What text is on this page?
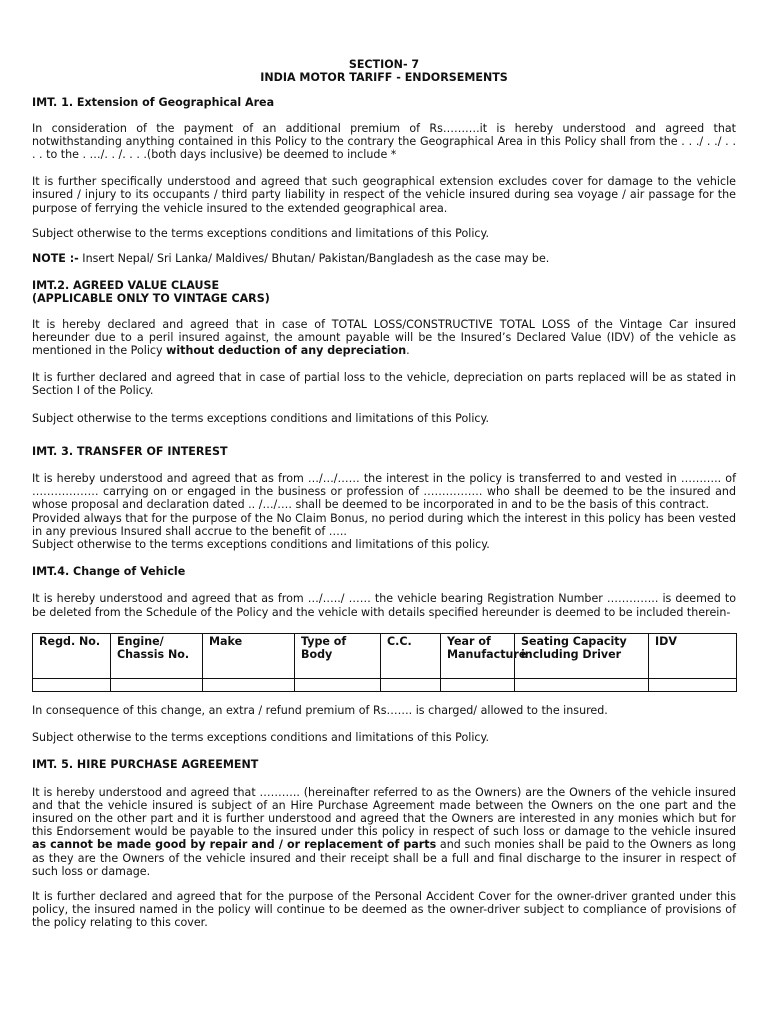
SECTION- 7

INDIA MOTOR TARIFF - ENDORSEMENTS

IMT. 1. Extension of Geographical Area

In consideration of the payment of an additional premium of Rs……….it is hereby understood and agreed that notwithstanding anything contained in this Policy to the contrary the Geographical Area in this Policy shall from the . . ./ . ./ . . . . to the . …/. . /. . . .(both days inclusive) be deemed to include *

It is further specifically understood and agreed that such geographical extension excludes cover for damage to the vehicle insured / injury to its occupants / third party liability in respect of the vehicle insured during sea voyage / air passage for the purpose of ferrying the vehicle insured to the extended geographical area.

Subject otherwise to the terms exceptions conditions and limitations of this Policy.

NOTE :- Insert Nepal/ Sri Lanka/ Maldives/ Bhutan/ Pakistan/Bangladesh as the case may be.

IMT.2. AGREED VALUE CLAUSE

(APPLICABLE ONLY TO VINTAGE CARS)

It is hereby declared and agreed that in case of TOTAL LOSS/CONSTRUCTIVE TOTAL LOSS of the Vintage Car insured hereunder due to a peril insured against, the amount payable will be the Insured’s Declared Value (IDV) of the vehicle as mentioned in the Policy without deduction of any depreciation.

It is further declared and agreed that in case of partial loss to the vehicle, depreciation on parts replaced will be as stated in Section I of the Policy.

Subject otherwise to the terms exceptions conditions and limitations of this Policy.

IMT. 3. TRANSFER OF INTEREST

It is hereby understood and agreed that as from …/…/…… the interest in the policy is transferred to and vested in ……….. of ……………… carrying on or engaged in the business or profession of ……………. who shall be deemed to be the insured and whose proposal and declaration dated .. /…/…. shall be deemed to be incorporated in and to be the basis of this contract.

Provided always that for the purpose of the No Claim Bonus, no period during which the interest in this policy has been vested in any previous Insured shall accrue to the benefit of …..

Subject otherwise to the terms exceptions conditions and limitations of this policy.

IMT.4. Change of Vehicle

It is hereby understood and agreed that as from …/…../ …… the vehicle bearing Registration Number ………….. is deemed to be deleted from the Schedule of the Policy and the vehicle with details specified hereunder is deemed to be included therein-

Regd. No.	Engine/ Chassis No.	Make	Type of Body	C.C.	Year of Manufacture	Seating Capacity including Driver	IDV

In consequence of this change, an extra / refund premium of Rs……. is charged/ allowed to the insured.

Subject otherwise to the terms exceptions conditions and limitations of this Policy.

IMT. 5. HIRE PURCHASE AGREEMENT

It is hereby understood and agreed that ……….. (hereinafter referred to as the Owners) are the Owners of the vehicle insured and that the vehicle insured is subject of an Hire Purchase Agreement made between the Owners on the one part and the insured on the other part and it is further understood and agreed that the Owners are interested in any monies which but for this Endorsement would be payable to the insured under this policy in respect of such loss or damage to the vehicle insured as cannot be made good by repair and / or replacement of parts and such monies shall be paid to the Owners as long as they are the Owners of the vehicle insured and their receipt shall be a full and final discharge to the insurer in respect of such loss or damage.

It is further declared and agreed that for the purpose of the Personal Accident Cover for the owner-driver granted under this policy, the insured named in the policy will continue to be deemed as the owner-driver subject to compliance of provisions of the policy relating to this cover.
